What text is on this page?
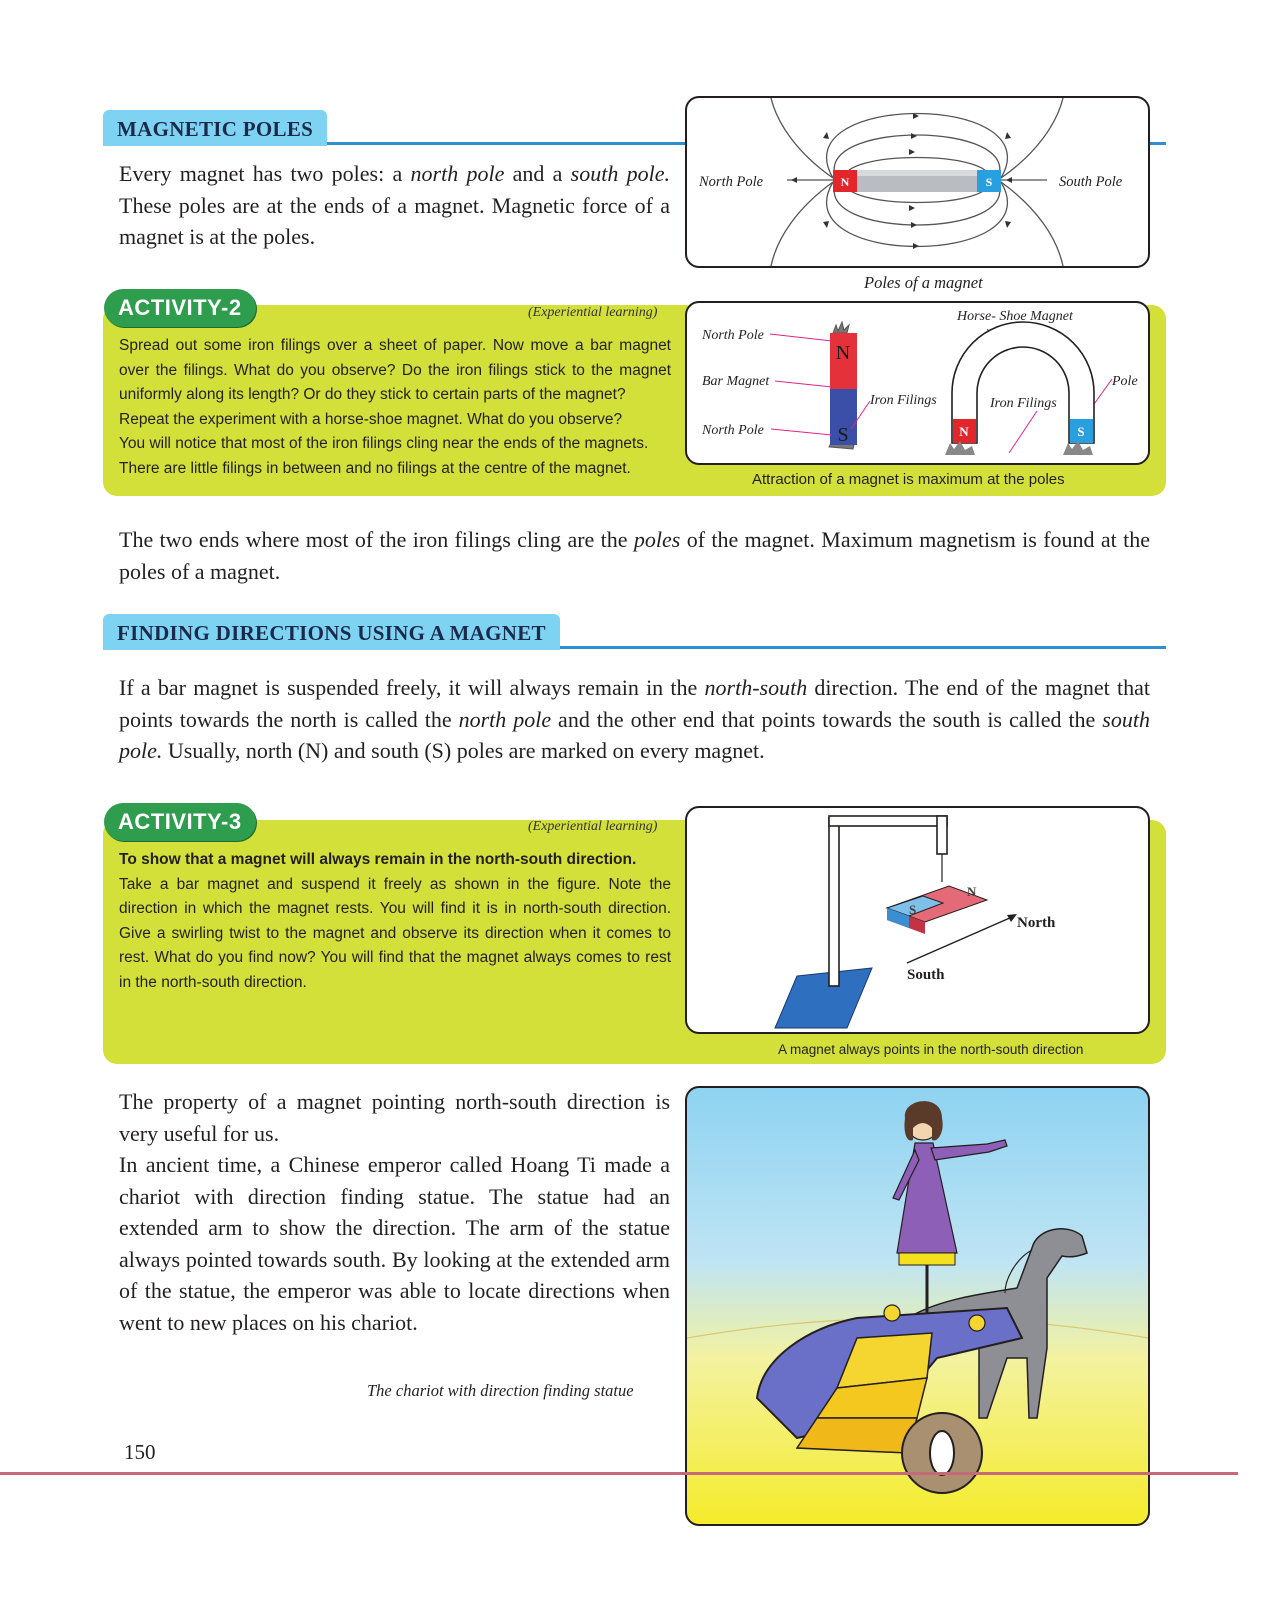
MAGNETIC POLES
Every magnet has two poles: a north pole and a south pole. These poles are at the ends of a magnet. Magnetic force of a magnet is at the poles.
N	S
North Pole	South Pole
Poles of a magnet
ACTIVITY-2	(Experiential learning)
Spread out some iron filings over a sheet of paper. Now move a bar magnet over the filings. What do you observe? Do the iron filings stick to the magnet uniformly along its length? Or do they stick to certain parts of the magnet?
Repeat the experiment with a horse-shoe magnet. What do you observe?
You will notice that most of the iron filings cling near the ends of the magnets. There are little filings in between and no filings at the centre of the magnet.
N
S
North Pole
Bar Magnet
North Pole
Iron Filings
N	S
Horse- Shoe Magnet
Iron Filings
Pole
Attraction of a magnet is maximum at the poles
The two ends where most of the iron filings cling are the poles of the magnet. Maximum magnetism is found at the poles of a magnet.
FINDING DIRECTIONS USING A MAGNET
If a bar magnet is suspended freely, it will always remain in the north-south direction. The end of the magnet that points towards the north is called the north pole and the other end that points towards the south is called the south pole. Usually, north (N) and south (S) poles are marked on every magnet.
ACTIVITY-3	(Experiential learning)
To show that a magnet will always remain in the north-south direction.
Take a bar magnet and suspend it freely as shown in the figure. Note the direction in which the magnet rests. You will find it is in north-south direction. Give a swirling twist to the magnet and observe its direction when it comes to rest. What do you find now? You will find that the magnet always comes to rest in the north-south direction.
S
N
North
South
A magnet always points in the north-south direction
The property of a magnet pointing north-south direction is very useful for us.
In ancient time, a Chinese emperor called Hoang Ti made a chariot with direction finding statue. The statue had an extended arm to show the direction. The arm of the statue always pointed towards south. By looking at the extended arm of the statue, the emperor was able to locate directions when went to new places on his chariot.
The chariot with direction finding statue
150
